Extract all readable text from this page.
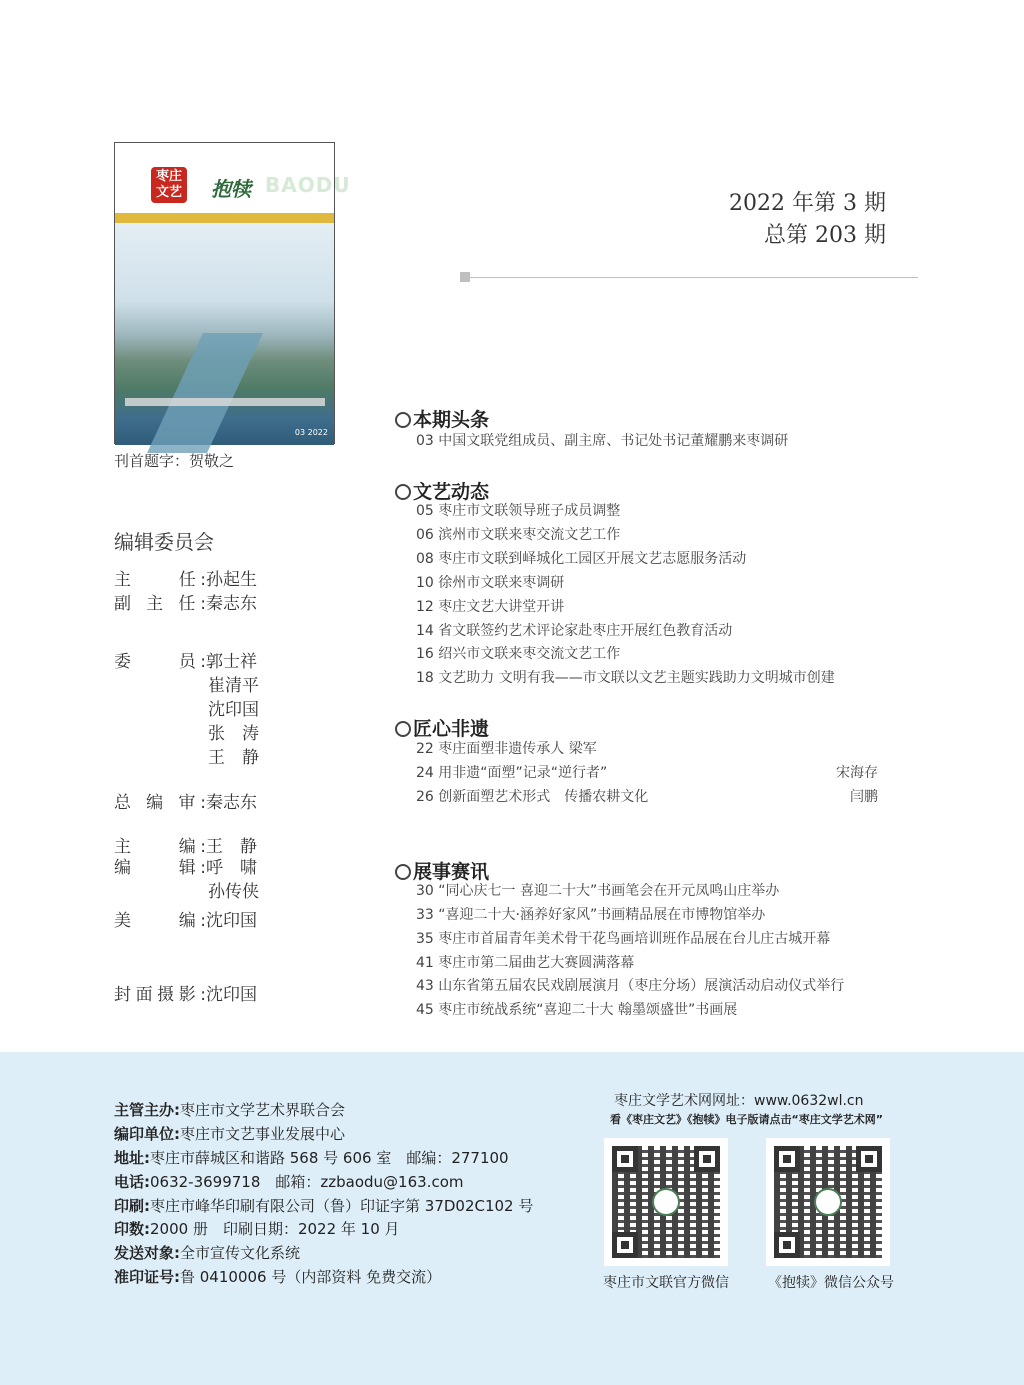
枣庄文艺 抱犊 BAODU
03 2022
刊首题字：贺敬之
2022 年第 3 期
总第 203 期
编辑委员会
主　　任:孙起生
副 主 任:秦志东
委　　员:郭士祥
崔清平
沈印国
张　涛
王　静
总 编 审:秦志东
主　　编:王　静
编　　辑:呼　啸
孙传侠
美　　编:沈印国
封面摄影:沈印国
本期头条
03 中国文联党组成员、副主席、书记处书记董耀鹏来枣调研
文艺动态
05 枣庄市文联领导班子成员调整
06 滨州市文联来枣交流文艺工作
08 枣庄市文联到峄城化工园区开展文艺志愿服务活动
10 徐州市文联来枣调研
12 枣庄文艺大讲堂开讲
14 省文联签约艺术评论家赴枣庄开展红色教育活动
16 绍兴市文联来枣交流文艺工作
18 文艺助力 文明有我——市文联以文艺主题实践助力文明城市创建
匠心非遗
22 枣庄面塑非遗传承人 梁军
24 用非遗“面塑”记录“逆行者”	宋海存
26 创新面塑艺术形式　传播农耕文化	闫鹏
展事赛讯
30 “同心庆七一 喜迎二十大”书画笔会在开元凤鸣山庄举办
33 “喜迎二十大·涵养好家风”书画精品展在市博物馆举办
35 枣庄市首届青年美术骨干花鸟画培训班作品展在台儿庄古城开幕
41 枣庄市第二届曲艺大赛圆满落幕
43 山东省第五届农民戏剧展演月（枣庄分场）展演活动启动仪式举行
45 枣庄市统战系统“喜迎二十大 翰墨颂盛世”书画展
主管主办:枣庄市文学艺术界联合会
编印单位:枣庄市文艺事业发展中心
地址:枣庄市薛城区和谐路 568 号 606 室　邮编：277100
电话:0632-3699718　邮箱：zzbaodu@163.com
印刷:枣庄市峰华印刷有限公司（鲁）印证字第 37D02C102 号
印数:2000 册　印刷日期：2022 年 10 月
发送对象:全市宣传文化系统
准印证号:鲁 0410006 号（内部资料 免费交流）
枣庄文学艺术网网址：www.0632wl.cn
看《枣庄文艺》《抱犊》电子版请点击“枣庄文学艺术网”
枣庄市文联官方微信	《抱犊》微信公众号
